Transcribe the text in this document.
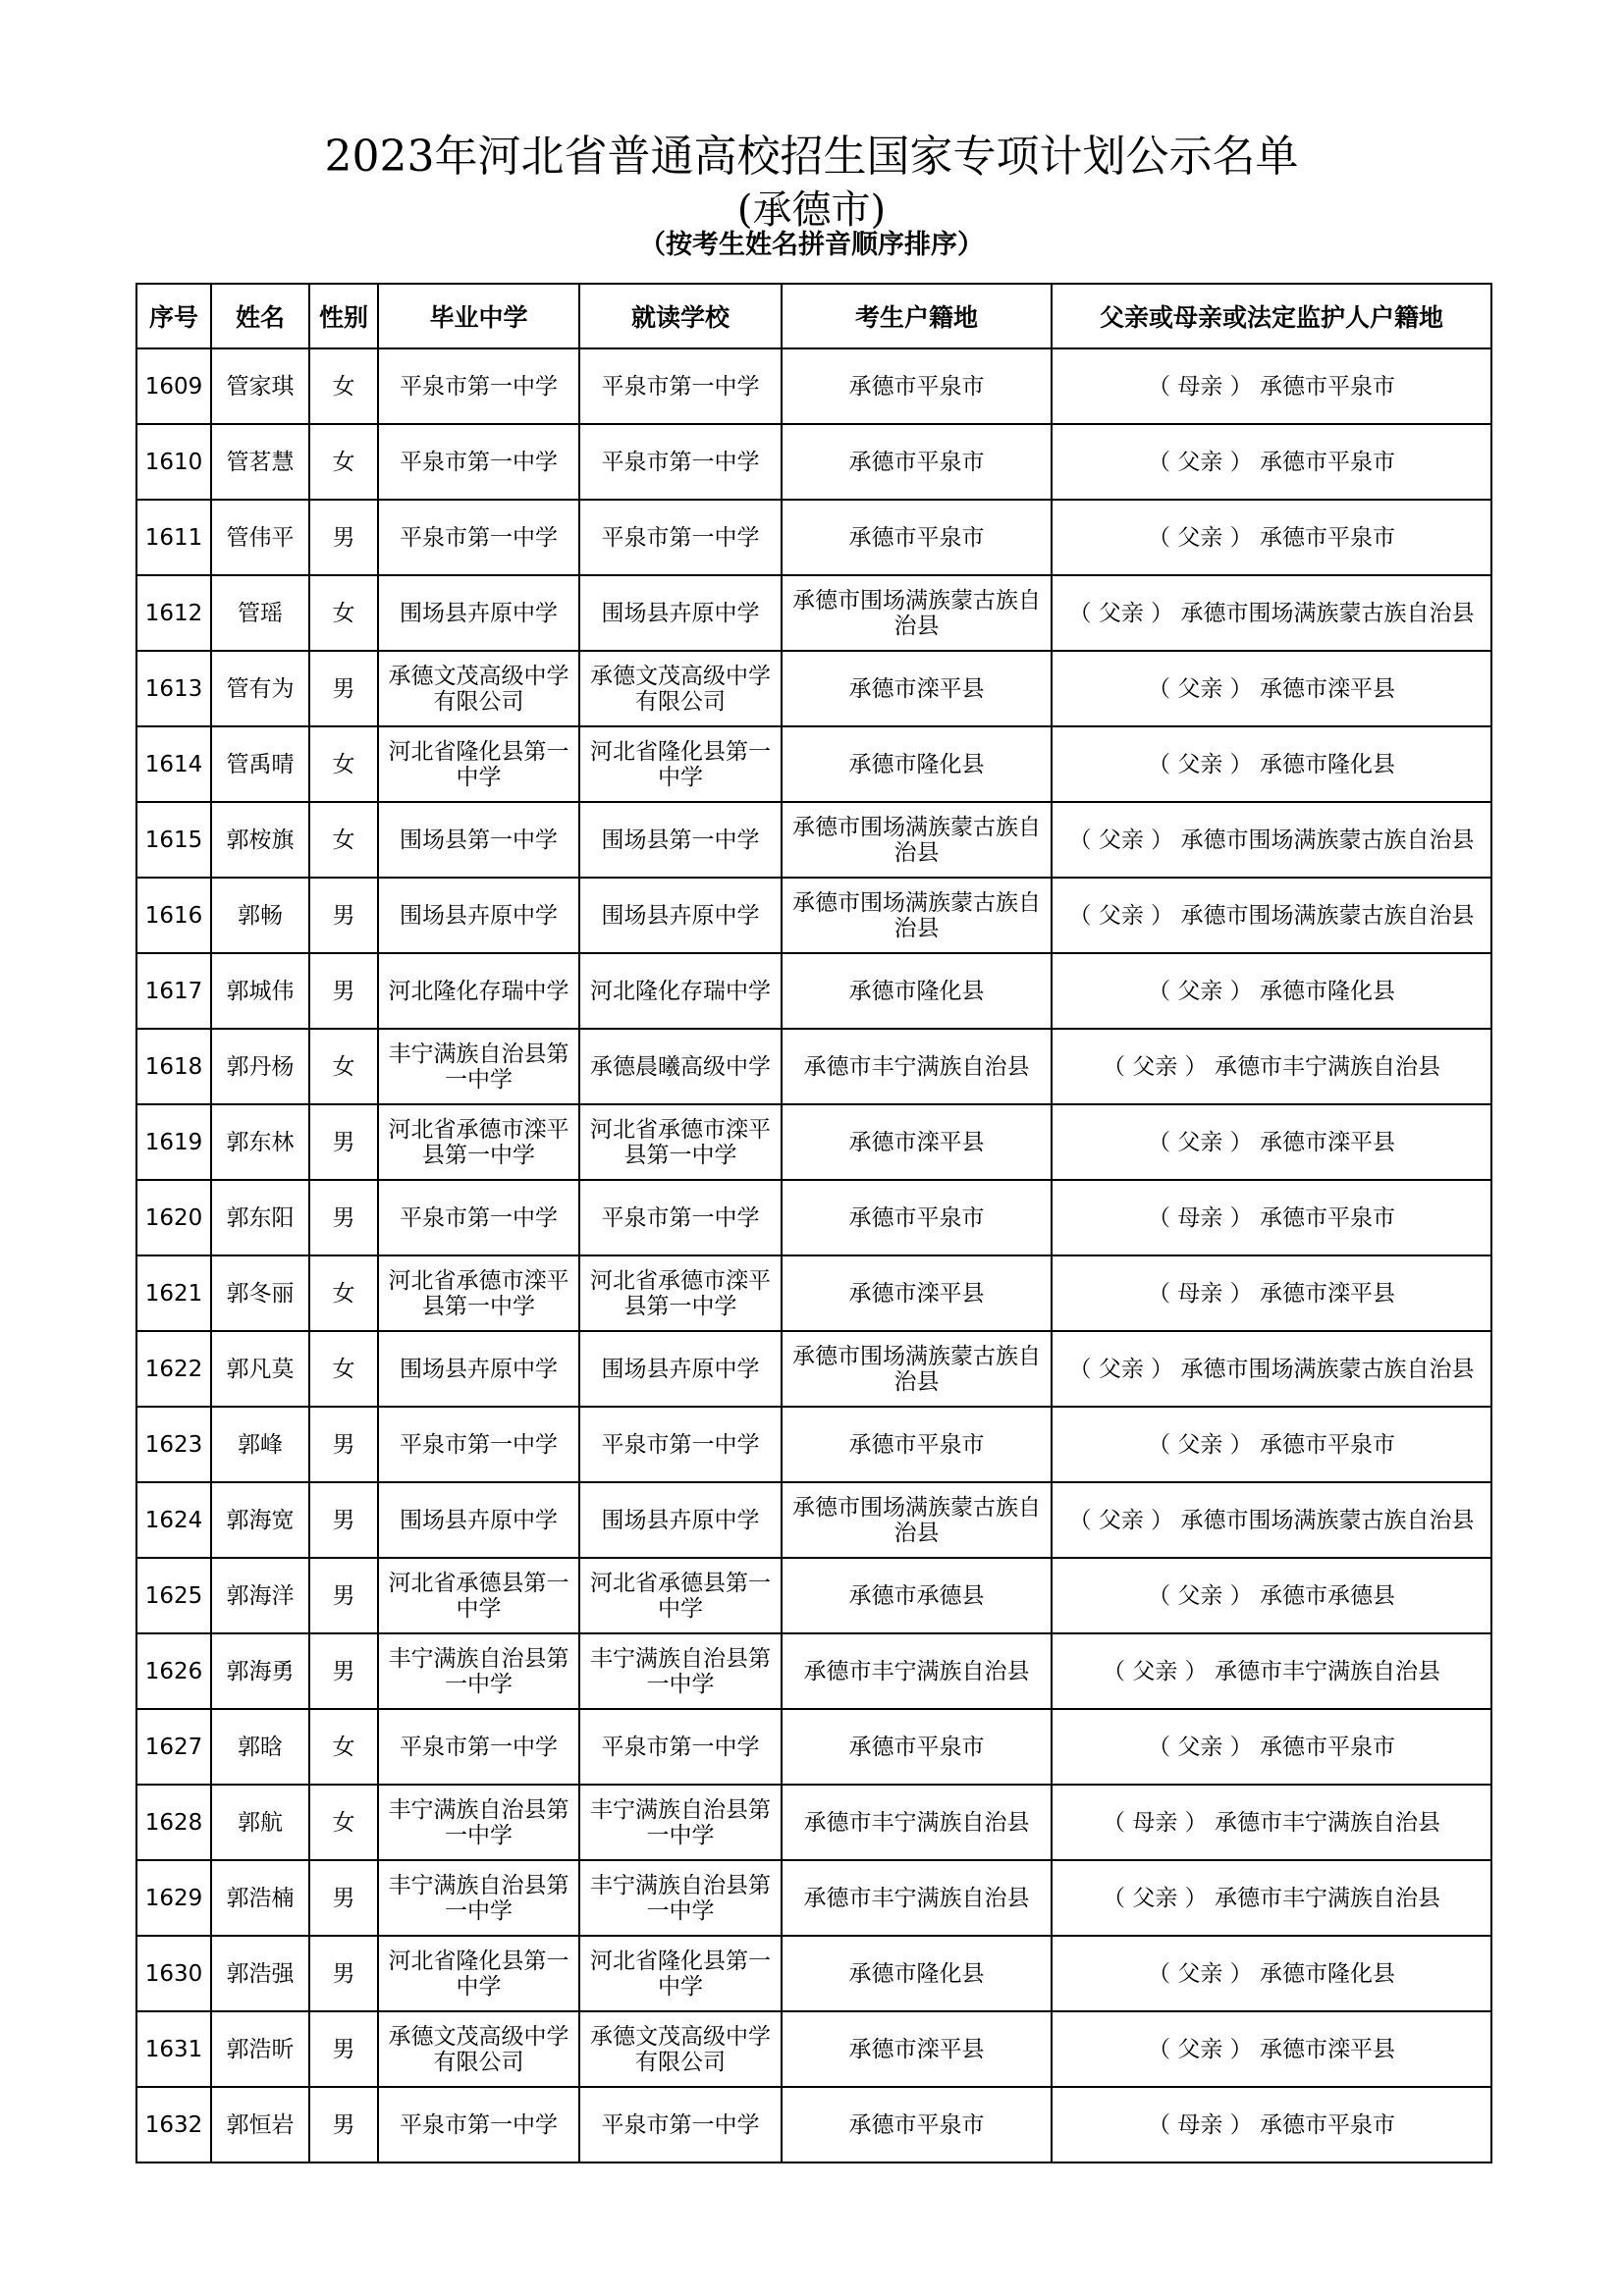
2023年河北省普通高校招生国家专项计划公示名单
(承德市)
（按考生姓名拼音顺序排序）
序号	姓名	性别	毕业中学	就读学校	考生户籍地	父亲或母亲或法定监护人户籍地
1609	管家琪	女	平泉市第一中学	平泉市第一中学	承德市平泉市	（ 母亲 ） 承德市平泉市
1610	管茗慧	女	平泉市第一中学	平泉市第一中学	承德市平泉市	（ 父亲 ） 承德市平泉市
1611	管伟平	男	平泉市第一中学	平泉市第一中学	承德市平泉市	（ 父亲 ） 承德市平泉市
1612	管瑶	女	围场县卉原中学	围场县卉原中学	承德市围场满族蒙古族自治县	（ 父亲 ） 承德市围场满族蒙古族自治县
1613	管有为	男	承德文茂高级中学有限公司	承德文茂高级中学有限公司	承德市滦平县	（ 父亲 ） 承德市滦平县
1614	管禹晴	女	河北省隆化县第一中学	河北省隆化县第一中学	承德市隆化县	（ 父亲 ） 承德市隆化县
1615	郭桉旗	女	围场县第一中学	围场县第一中学	承德市围场满族蒙古族自治县	（ 父亲 ） 承德市围场满族蒙古族自治县
1616	郭畅	男	围场县卉原中学	围场县卉原中学	承德市围场满族蒙古族自治县	（ 父亲 ） 承德市围场满族蒙古族自治县
1617	郭城伟	男	河北隆化存瑞中学	河北隆化存瑞中学	承德市隆化县	（ 父亲 ） 承德市隆化县
1618	郭丹杨	女	丰宁满族自治县第一中学	承德晨曦高级中学	承德市丰宁满族自治县	（ 父亲 ） 承德市丰宁满族自治县
1619	郭东林	男	河北省承德市滦平县第一中学	河北省承德市滦平县第一中学	承德市滦平县	（ 父亲 ） 承德市滦平县
1620	郭东阳	男	平泉市第一中学	平泉市第一中学	承德市平泉市	（ 母亲 ） 承德市平泉市
1621	郭冬丽	女	河北省承德市滦平县第一中学	河北省承德市滦平县第一中学	承德市滦平县	（ 母亲 ） 承德市滦平县
1622	郭凡莫	女	围场县卉原中学	围场县卉原中学	承德市围场满族蒙古族自治县	（ 父亲 ） 承德市围场满族蒙古族自治县
1623	郭峰	男	平泉市第一中学	平泉市第一中学	承德市平泉市	（ 父亲 ） 承德市平泉市
1624	郭海宽	男	围场县卉原中学	围场县卉原中学	承德市围场满族蒙古族自治县	（ 父亲 ） 承德市围场满族蒙古族自治县
1625	郭海洋	男	河北省承德县第一中学	河北省承德县第一中学	承德市承德县	（ 父亲 ） 承德市承德县
1626	郭海勇	男	丰宁满族自治县第一中学	丰宁满族自治县第一中学	承德市丰宁满族自治县	（ 父亲 ） 承德市丰宁满族自治县
1627	郭晗	女	平泉市第一中学	平泉市第一中学	承德市平泉市	（ 父亲 ） 承德市平泉市
1628	郭航	女	丰宁满族自治县第一中学	丰宁满族自治县第一中学	承德市丰宁满族自治县	（ 母亲 ） 承德市丰宁满族自治县
1629	郭浩楠	男	丰宁满族自治县第一中学	丰宁满族自治县第一中学	承德市丰宁满族自治县	（ 父亲 ） 承德市丰宁满族自治县
1630	郭浩强	男	河北省隆化县第一中学	河北省隆化县第一中学	承德市隆化县	（ 父亲 ） 承德市隆化县
1631	郭浩昕	男	承德文茂高级中学有限公司	承德文茂高级中学有限公司	承德市滦平县	（ 父亲 ） 承德市滦平县
1632	郭恒岩	男	平泉市第一中学	平泉市第一中学	承德市平泉市	（ 母亲 ） 承德市平泉市
